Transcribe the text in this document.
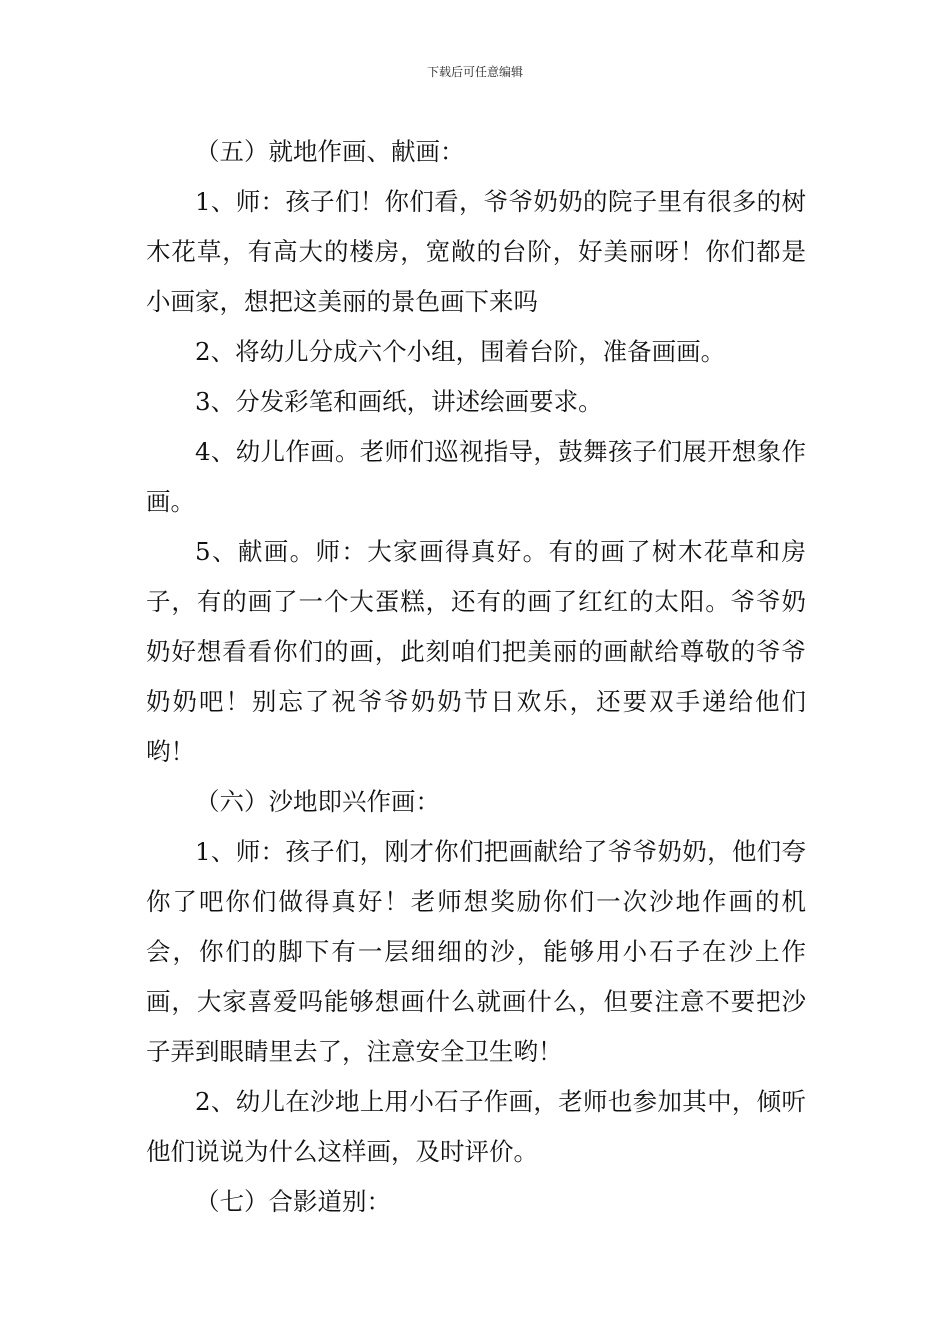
下载后可任意编辑

（五）就地作画、献画：

1、师：孩子们！你们看，爷爷奶奶的院子里有很多的树木花草，有高大的楼房，宽敞的台阶，好美丽呀！你们都是小画家，想把这美丽的景色画下来吗

2、将幼儿分成六个小组，围着台阶，准备画画。

3、分发彩笔和画纸，讲述绘画要求。

4、幼儿作画。老师们巡视指导，鼓舞孩子们展开想象作画。

5、献画。师：大家画得真好。有的画了树木花草和房子，有的画了一个大蛋糕，还有的画了红红的太阳。爷爷奶奶好想看看你们的画，此刻咱们把美丽的画献给尊敬的爷爷奶奶吧！别忘了祝爷爷奶奶节日欢乐，还要双手递给他们哟！

（六）沙地即兴作画：

1、师：孩子们，刚才你们把画献给了爷爷奶奶，他们夸你了吧你们做得真好！老师想奖励你们一次沙地作画的机会，你们的脚下有一层细细的沙，能够用小石子在沙上作画，大家喜爱吗能够想画什么就画什么，但要注意不要把沙子弄到眼睛里去了，注意安全卫生哟！

2、幼儿在沙地上用小石子作画，老师也参加其中，倾听他们说说为什么这样画，及时评价。

（七）合影道别：
